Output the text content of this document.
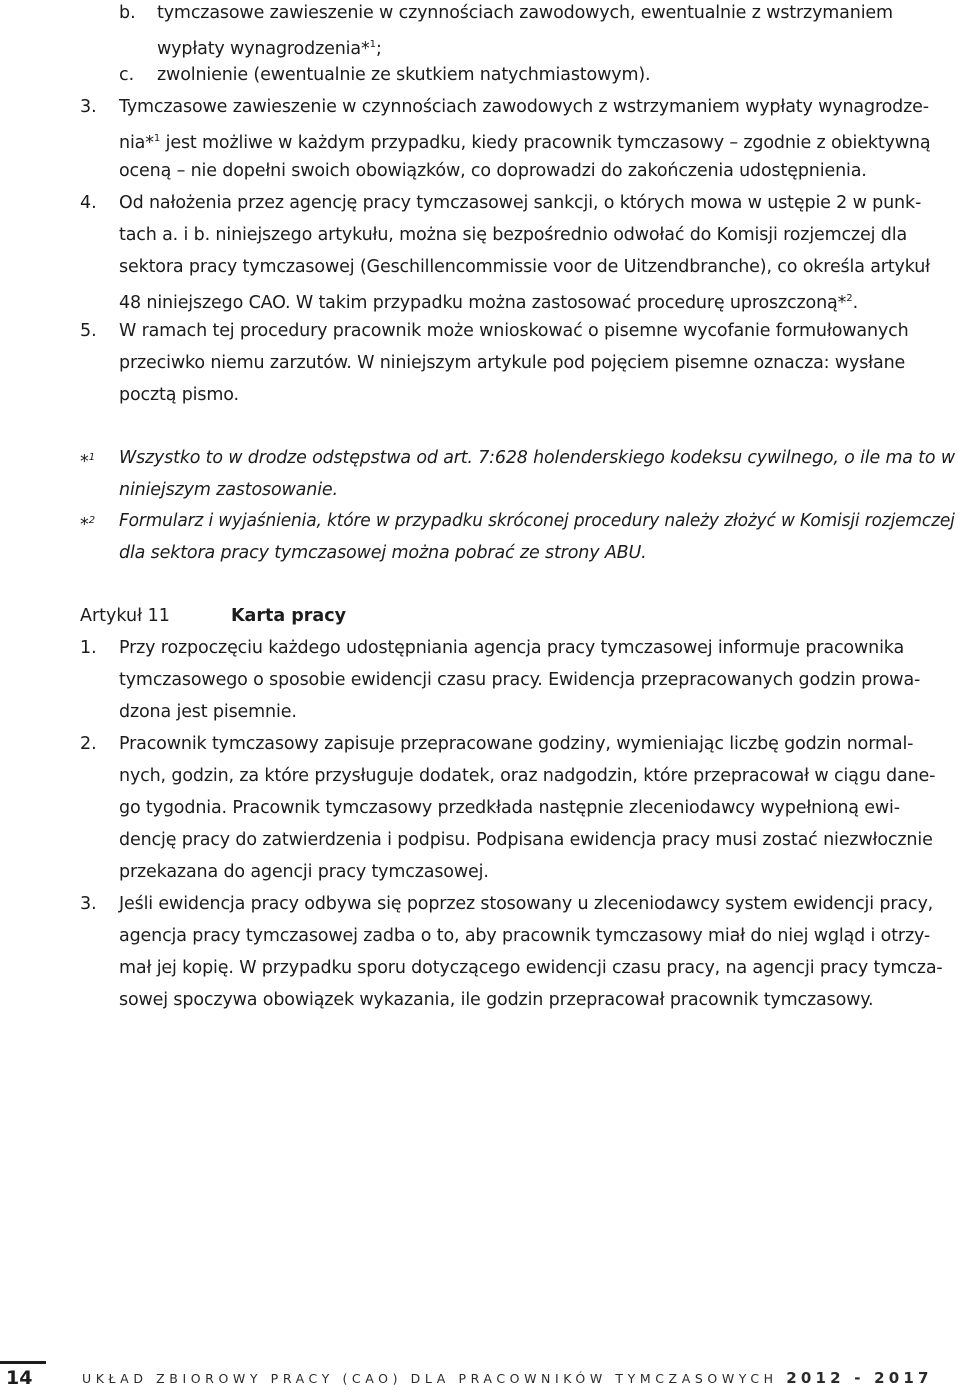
b. tymczasowe zawieszenie w czynnościach zawodowych, ewentualnie z wstrzymaniem
wypłaty wynagrodzenia*$^1$;
c. zwolnienie (ewentualnie ze skutkiem natychmiastowym).
3. Tymczasowe zawieszenie w czynnościach zawodowych z wstrzymaniem wypłaty wynagrodze-
nia*$^1$ jest możliwe w każdym przypadku, kiedy pracownik tymczasowy – zgodnie z obiektywną
oceną – nie dopełni swoich obowiązków, co doprowadzi do zakończenia udostępnienia.
4. Od nałożenia przez agencję pracy tymczasowej sankcji, o których mowa w ustępie 2 w punk-
tach a. i b. niniejszego artykułu, można się bezpośrednio odwołać do Komisji rozjemczej dla
sektora pracy tymczasowej (Geschillencommissie voor de Uitzendbranche), co określa artykuł
48 niniejszego CAO. W takim przypadku można zastosować procedurę uproszczoną*$^2$.
5. W ramach tej procedury pracownik może wnioskować o pisemne wycofanie formułowanych
przeciwko niemu zarzutów. W niniejszym artykule pod pojęciem pisemne oznacza: wysłane
pocztą pismo.
*$^1$ Wszystko to w drodze odstępstwa od art. 7:628 holenderskiego kodeksu cywilnego, o ile ma to w
niniejszym zastosowanie.
*$^2$ Formularz i wyjaśnienia, które w przypadku skróconej procedury należy złożyć w Komisji rozjemczej
dla sektora pracy tymczasowej można pobrać ze strony ABU.
Artykuł 11	Karta pracy
1. Przy rozpoczęciu każdego udostępniania agencja pracy tymczasowej informuje pracownika
tymczasowego o sposobie ewidencji czasu pracy. Ewidencja przepracowanych godzin prowa-
dzona jest pisemnie.
2. Pracownik tymczasowy zapisuje przepracowane godziny, wymieniając liczbę godzin normal-
nych, godzin, za które przysługuje dodatek, oraz nadgodzin, które przepracował w ciągu dane-
go tygodnia. Pracownik tymczasowy przedkłada następnie zleceniodawcy wypełnioną ewi-
dencję pracy do zatwierdzenia i podpisu. Podpisana ewidencja pracy musi zostać niezwłocznie
przekazana do agencji pracy tymczasowej.
3. Jeśli ewidencja pracy odbywa się poprzez stosowany u zleceniodawcy system ewidencji pracy,
agencja pracy tymczasowej zadba o to, aby pracownik tymczasowy miał do niej wgląd i otrzy-
mał jej kopię. W przypadku sporu dotyczącego ewidencji czasu pracy, na agencji pracy tymcza-
sowej spoczywa obowiązek wykazania, ile godzin przepracował pracownik tymczasowy.
14	UKŁAD ZBIOROWY PRACY (CAO) DLA PRACOWNIKÓW TYMCZASOWYCH 2012 - 2017
